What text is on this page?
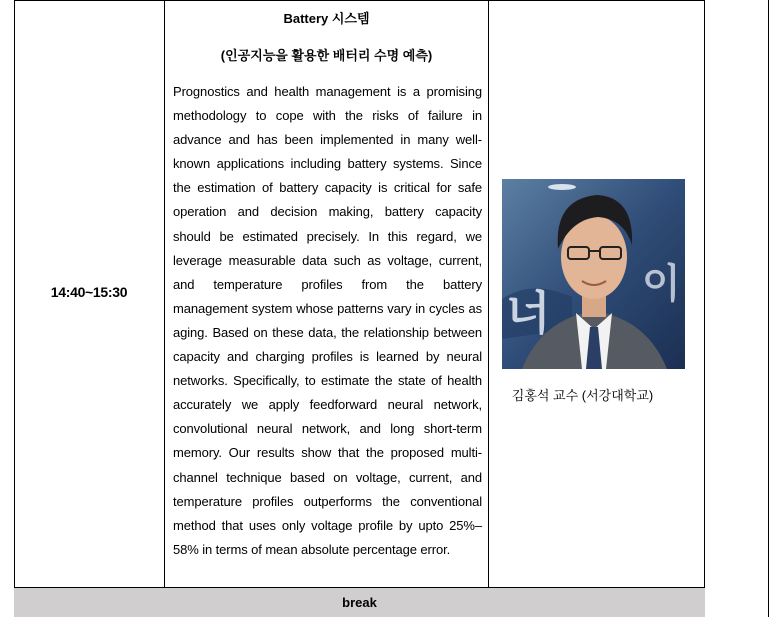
14:40~15:30

Battery 시스템

(인공지능을 활용한 배터리 수명 예측)

Prognostics and health management is a promising methodology to cope with the risks of failure in advance and has been implemented in many well-known applications including battery systems. Since the estimation of battery capacity is critical for safe operation and decision making, battery capacity should be estimated precisely. In this regard, we leverage measurable data such as voltage, current, and temperature profiles from the battery management system whose patterns vary in cycles as aging. Based on these data, the relationship between capacity and charging profiles is learned by neural networks. Specifically, to estimate the state of health accurately we apply feedforward neural network, convolutional neural network, and long short-term memory. Our results show that the proposed multi-channel technique based on voltage, current, and temperature profiles outperforms the conventional method that uses only voltage profile by upto 25%–58% in terms of mean absolute percentage error.

너
이
김홍석 교수 (서강대학교)
break
